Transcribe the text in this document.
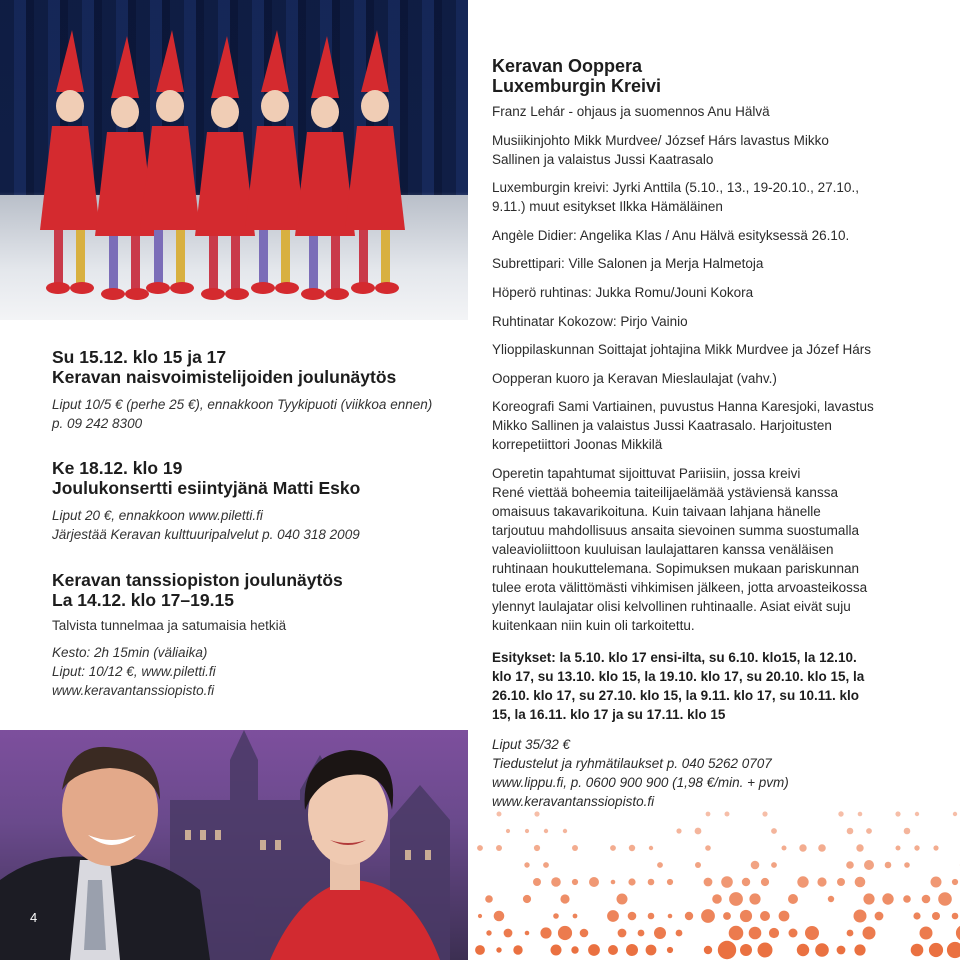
Su 15.12. klo 15 ja 17
Keravan naisvoimistelijoiden joulunäytös
Liput 10/5 € (perhe 25 €), ennakkoon Tyykipuoti (viikkoa ennen)
p. 09 242 8300
Ke 18.12. klo 19
Joulukonsertti esiintyjänä Matti Esko
Liput 20 €, ennakkoon www.piletti.fi
Järjestää Keravan kulttuuripalvelut p. 040 318 2009
Keravan tanssiopiston joulunäytös
La 14.12. klo 17–19.15
Talvista tunnelmaa ja satumaisia hetkiä
Kesto: 2h 15min (väliaika)
Liput: 10/12 €, www.piletti.fi
www.keravantanssiopisto.fi
4
Keravan Ooppera
Luxemburgin Kreivi
Franz Lehár - ohjaus ja suomennos Anu Hälvä
Musiikinjohto Mikk Murdvee/ József Hárs lavastus Mikko
Sallinen ja valaistus Jussi Kaatrasalo
Luxemburgin kreivi: Jyrki Anttila (5.10., 13., 19-20.10., 27.10.,
9.11.) muut esitykset Ilkka Hämäläinen
Angèle Didier: Angelika Klas / Anu Hälvä esityksessä 26.10.
Subrettipari: Ville Salonen ja Merja Halmetoja
Höperö ruhtinas: Jukka Romu/Jouni Kokora
Ruhtinatar Kokozow: Pirjo Vainio
Ylioppilaskunnan Soittajat johtajina Mikk Murdvee ja Józef Hárs
Oopperan kuoro ja Keravan Mieslaulajat (vahv.)
Koreografi Sami Vartiainen, puvustus Hanna Karesjoki, lavastus
Mikko Sallinen ja valaistus Jussi Kaatrasalo. Harjoitusten
korrepetiittori Joonas Mikkilä
Operetin tapahtumat sijoittuvat Pariisiin, jossa kreivi
René viettää boheemia taiteilijaelämää ystäviensä kanssa
omaisuus takavarikoituna. Kuin taivaan lahjana hänelle
tarjoutuu mahdollisuus ansaita sievoinen summa suostumalla
valeavioliittoon kuuluisan laulajattaren kanssa venäläisen
ruhtinaan houkuttelemana. Sopimuksen mukaan pariskunnan
tulee erota välittömästi vihkimisen jälkeen, jotta arvoasteikossa
ylennyt laulajatar olisi kelvollinen ruhtinaalle. Asiat eivät suju
kuitenkaan niin kuin oli tarkoitettu.
Esitykset: la 5.10. klo 17 ensi-ilta, su 6.10. klo15, la 12.10.
klo 17, su 13.10. klo 15, la 19.10. klo 17, su 20.10. klo 15, la
26.10. klo 17, su 27.10. klo 15, la 9.11. klo 17, su 10.11. klo
15, la 16.11. klo 17 ja su 17.11. klo 15
Liput 35/32 €
Tiedustelut ja ryhmätilaukset p. 040 5262 0707
www.lippu.fi, p. 0600 900 900 (1,98 €/min. + pvm)
www.keravantanssiopisto.fi
